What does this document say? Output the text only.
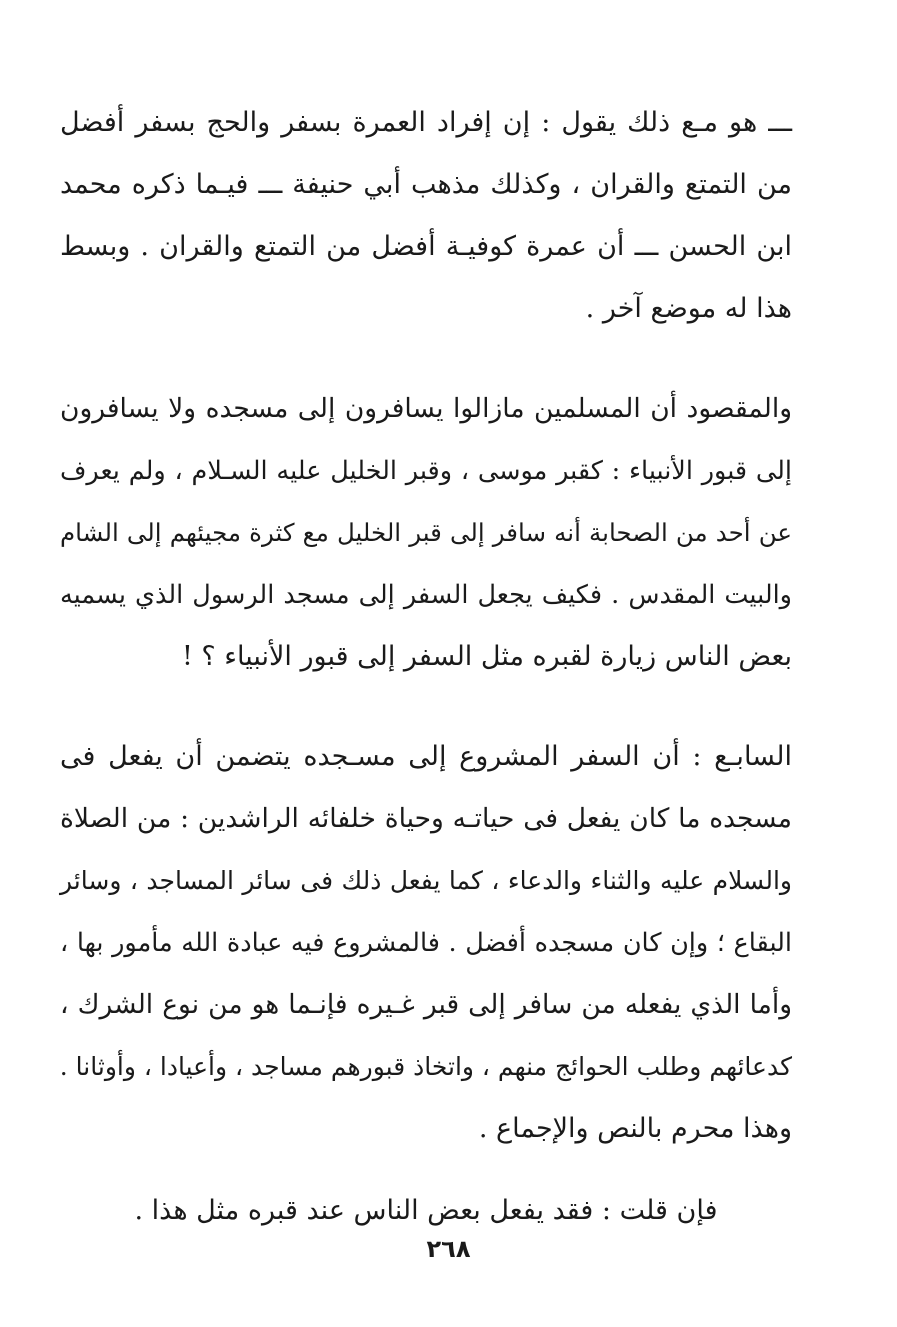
ـــ هو مـع ذلك يقول : إن إفراد العمرة بسفر والحج بسفر أفضل
من التمتع والقران ، وكذلك مذهب أبي حنيفة ـــ فيـما ذكره محمد
ابن الحسن ـــ أن عمرة كوفيـة أفضل من التمتع والقران . وبسط
هذا له موضع آخر .
والمقصود أن المسلمين مازالوا يسافرون إلى مسجده ولا يسافرون
إلى قبور الأنبياء : كقبر موسى ، وقبر الخليل عليه السـلام ، ولم يعرف
عن أحد من الصحابة أنه سافر إلى قبر الخليل مع كثرة مجيئهم إلى الشام
والبيت المقدس . فكيف يجعل السفر إلى مسجد الرسول الذي يسميه
بعض الناس زيارة لقبره مثل السفر إلى قبور الأنبياء ؟ !
السابـع : أن السفر المشروع إلى مسـجده يتضمن أن يفعل فى
مسجده ما كان يفعل فى حياتـه وحياة خلفائه الراشدين : من الصلاة
والسلام عليه والثناء والدعاء ، كما يفعل ذلك فى سائر المساجد ، وسائر
البقاع ؛ وإن كان مسجده أفضل . فالمشروع فيه عبادة الله مأمور بها ،
وأما الذي يفعله من سافر إلى قبر غـيره فإنـما هو من نوع الشرك ،
كدعائهم وطلب الحوائج منهم ، واتخاذ قبورهم مساجد ، وأعيادا ، وأوثانا .
وهذا محرم بالنص والإجماع .
فإن قلت : فقد يفعل بعض الناس عند قبره مثل هذا .
٢٦٨
